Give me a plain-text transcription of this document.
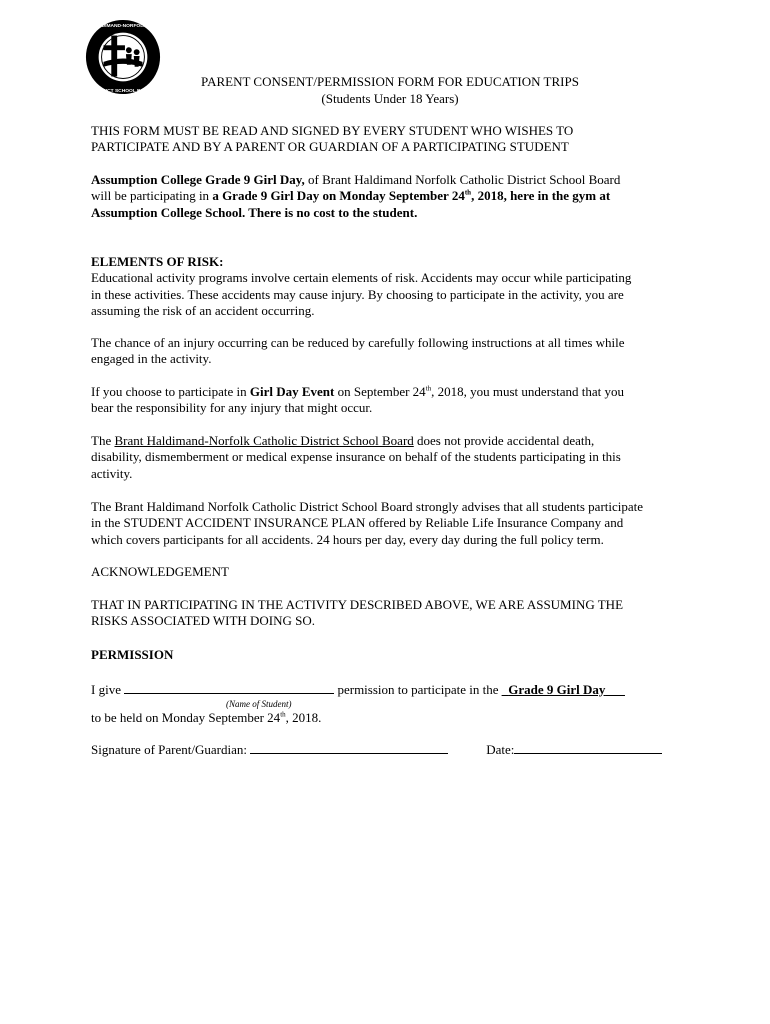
BRANT HALDIMAND-NORFOLK CATHOLIC
DISTRICT SCHOOL BOARD
PARENT CONSENT/PERMISSION FORM FOR EDUCATION TRIPS
(Students Under 18 Years)
THIS FORM MUST BE READ AND SIGNED BY EVERY STUDENT WHO WISHES TO
PARTICIPATE AND BY A PARENT OR GUARDIAN OF A PARTICIPATING STUDENT
Assumption College Grade 9 Girl Day, of Brant Haldimand Norfolk Catholic District School Board
will be participating in a Grade 9 Girl Day on Monday September 24th, 2018, here in the gym at
Assumption College School. There is no cost to the student.
ELEMENTS OF RISK:
Educational activity programs involve certain elements of risk. Accidents may occur while participating
in these activities. These accidents may cause injury. By choosing to participate in the activity, you are
assuming the risk of an accident occurring.
The chance of an injury occurring can be reduced by carefully following instructions at all times while
engaged in the activity.
If you choose to participate in Girl Day Event on September 24th, 2018, you must understand that you
bear the responsibility for any injury that might occur.
The Brant Haldimand-Norfolk Catholic District School Board does not provide accidental death,
disability, dismemberment or medical expense insurance on behalf of the students participating in this
activity.
The Brant Haldimand Norfolk Catholic District School Board strongly advises that all students participate
in the STUDENT ACCIDENT INSURANCE PLAN offered by Reliable Life Insurance Company and
which covers participants for all accidents. 24 hours per day, every day during the full policy term.
ACKNOWLEDGEMENT
THAT IN PARTICIPATING IN THE ACTIVITY DESCRIBED ABOVE, WE ARE ASSUMING THE
RISKS ASSOCIATED WITH DOING SO.
PERMISSION
I give	permission to participate in the _Grade 9 Girl Day___
(Name of Student)
to be held on Monday September 24th, 2018.
Signature of Parent/Guardian:	Date:
